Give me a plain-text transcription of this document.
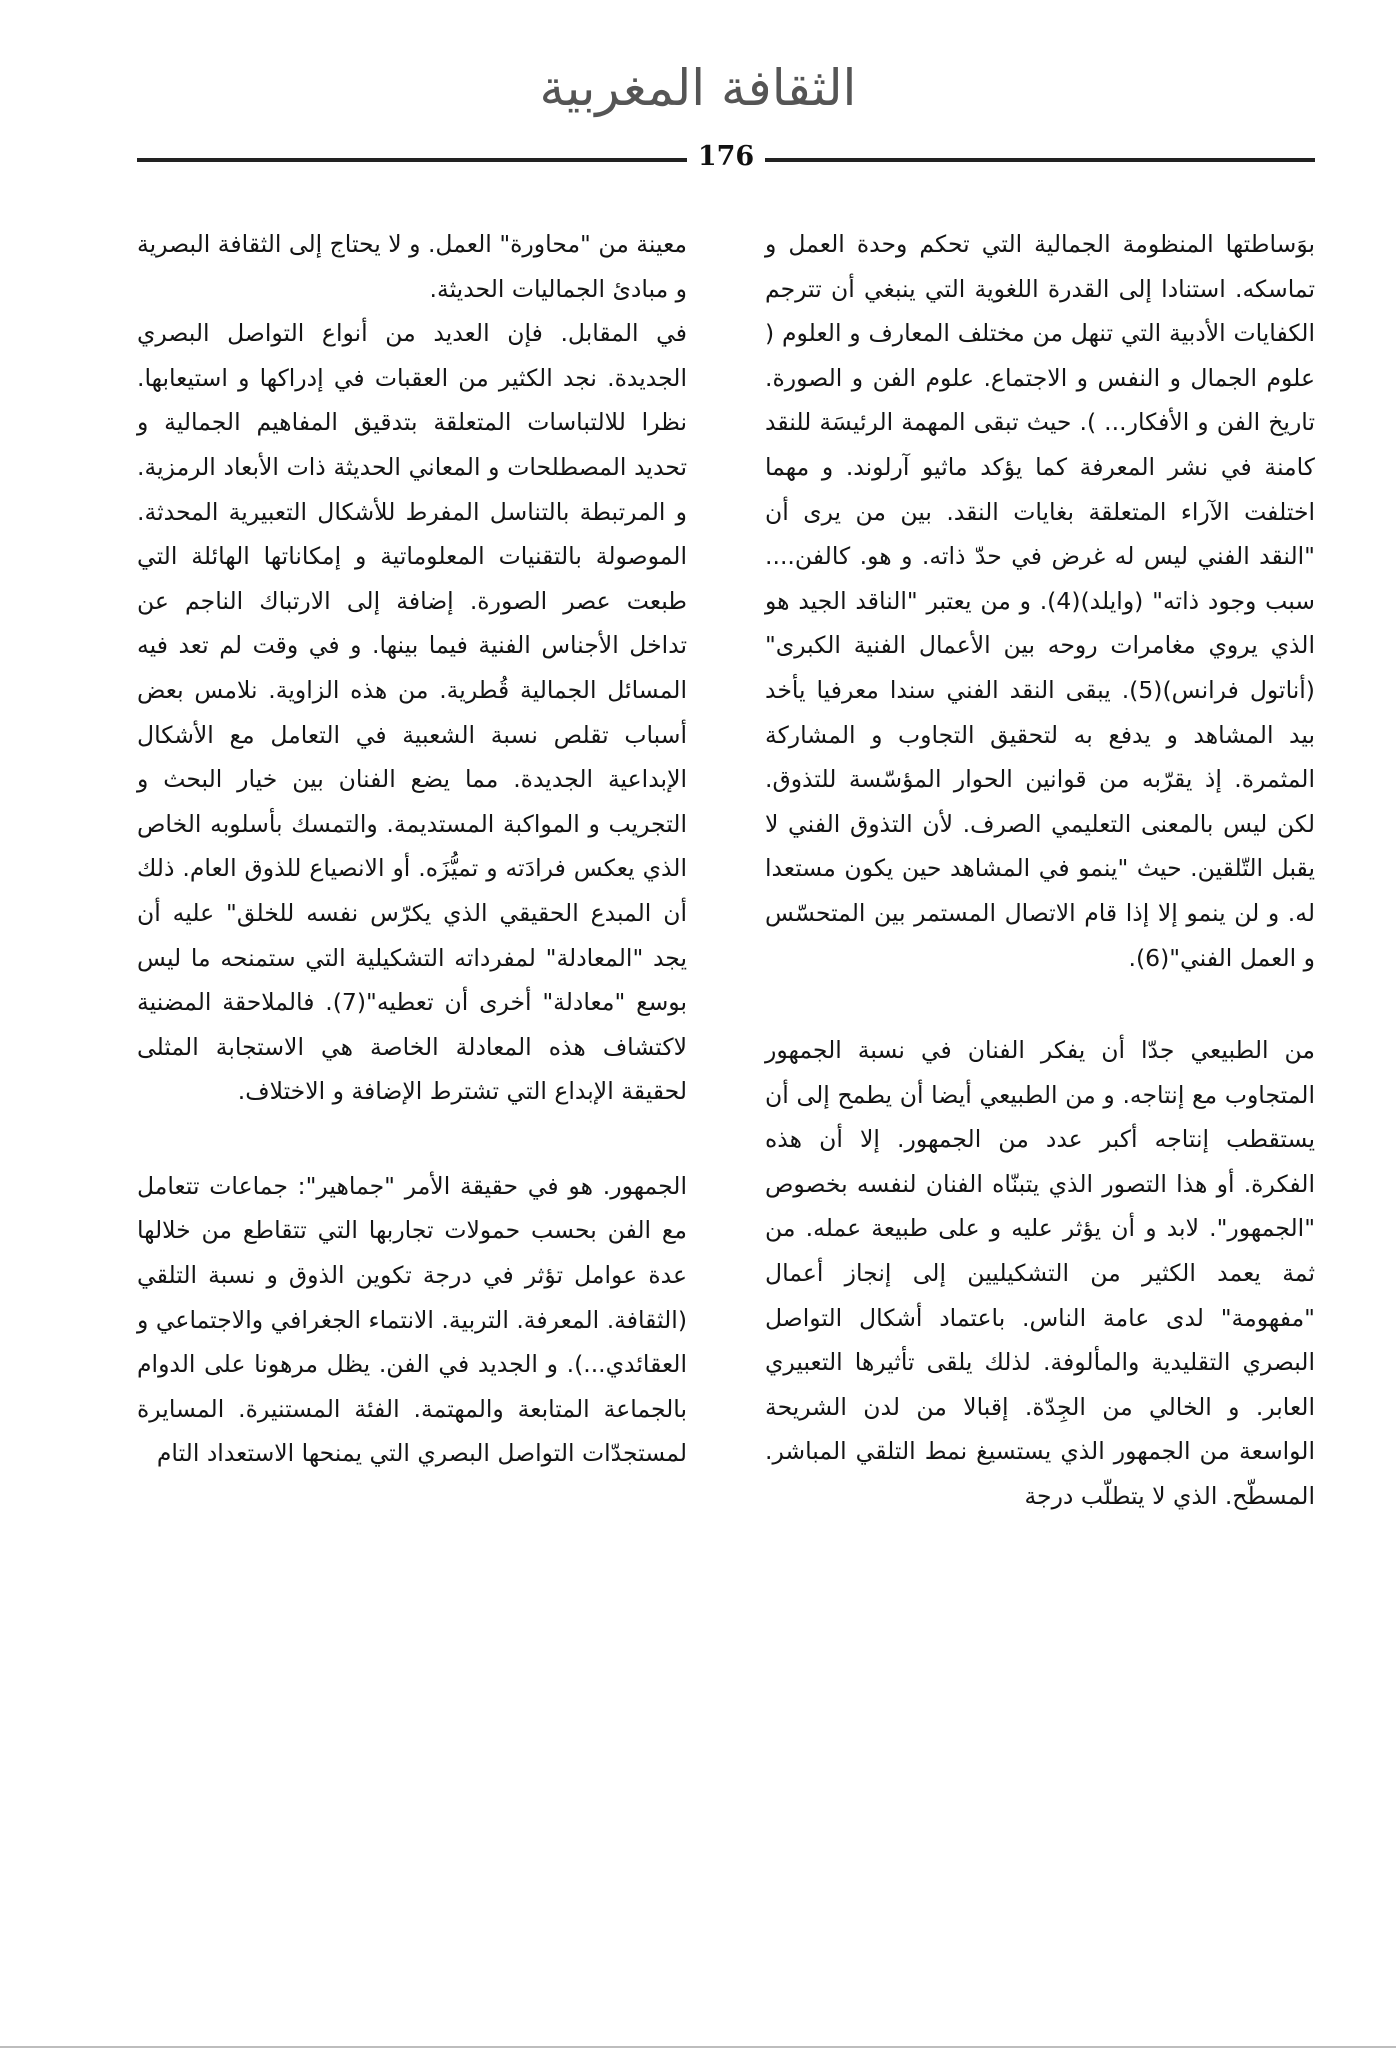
الثقافة المغربية
176

بوَساطتها المنظومة الجمالية التي تحكم وحدة العمل و تماسكه. استنادا إلى القدرة اللغوية التي ينبغي أن تترجم الكفايات الأدبية التي تنهل من مختلف المعارف و العلوم ( علوم الجمال و النفس و الاجتماع. علوم الفن و الصورة. تاريخ الفن و الأفكار... ). حيث تبقى المهمة الرئيسَة للنقد كامنة في نشر المعرفة كما يؤكد ماثيو آرلوند. و مهما اختلفت الآراء المتعلقة بغايات النقد. بين من يرى أن "النقد الفني ليس له غرض في حدّ ذاته. و هو. كالفن.... سبب وجود ذاته" (وايلد)(4). و من يعتبر "الناقد الجيد هو الذي يروي مغامرات روحه بين الأعمال الفنية الكبرى" (أناتول فرانس)(5). يبقى النقد الفني سندا معرفيا يأخد بيد المشاهد و يدفع به لتحقيق التجاوب و المشاركة المثمرة. إذ يقرّبه من قوانين الحوار المؤسّسة للتذوق. لكن ليس بالمعنى التعليمي الصرف. لأن التذوق الفني لا يقبل التّلقين. حيث "ينمو في المشاهد حين يكون مستعدا له. و لن ينمو إلا إذا قام الاتصال المستمر بين المتحسّس و العمل الفني"(6).

من الطبيعي جدّا أن يفكر الفنان في نسبة الجمهور المتجاوب مع إنتاجه. و من الطبيعي أيضا أن يطمح إلى أن يستقطب إنتاجه أكبر عدد من الجمهور. إلا أن هذه الفكرة. أو هذا التصور الذي يتبنّاه الفنان لنفسه بخصوص "الجمهور". لابد و أن يؤثر عليه و على طبيعة عمله. من ثمة يعمد الكثير من التشكيليين إلى إنجاز أعمال "مفهومة" لدى عامة الناس. باعتماد أشكال التواصل البصري التقليدية والمألوفة. لذلك يلقى تأثيرها التعبيري العابر. و الخالي من الجِدّة. إقبالا من لدن الشريحة الواسعة من الجمهور الذي يستسيغ نمط التلقي المباشر. المسطّح. الذي لا يتطلّب درجة

معينة من "محاورة" العمل. و لا يحتاج إلى الثقافة البصرية و مبادئ الجماليات الحديثة.

في المقابل. فإن العديد من أنواع التواصل البصري الجديدة. نجد الكثير من العقبات في إدراكها و استيعابها. نظرا للالتباسات المتعلقة بتدقيق المفاهيم الجمالية و تحديد المصطلحات و المعاني الحديثة ذات الأبعاد الرمزية. و المرتبطة بالتناسل المفرط للأشكال التعبيرية المحدثة. الموصولة بالتقنيات المعلوماتية و إمكاناتها الهائلة التي طبعت عصر الصورة. إضافة إلى الارتباك الناجم عن تداخل الأجناس الفنية فيما بينها. و في وقت لم تعد فيه المسائل الجمالية قُطرية. من هذه الزاوية. نلامس بعض أسباب تقلص نسبة الشعبية في التعامل مع الأشكال الإبداعية الجديدة. مما يضع الفنان بين خيار البحث و التجريب و المواكبة المستديمة. والتمسك بأسلوبه الخاص الذي يعكس فرادَته و تميُّزَه. أو الانصياع للذوق العام. ذلك أن المبدع الحقيقي الذي يكرّس نفسه للخلق" عليه أن يجد "المعادلة" لمفرداته التشكيلية التي ستمنحه ما ليس بوسع "معادلة" أخرى أن تعطيه"(7). فالملاحقة المضنية لاكتشاف هذه المعادلة الخاصة هي الاستجابة المثلى لحقيقة الإبداع التي تشترط الإضافة و الاختلاف.

الجمهور. هو في حقيقة الأمر "جماهير": جماعات تتعامل مع الفن بحسب حمولات تجاربها التي تتقاطع من خلالها عدة عوامل تؤثر في درجة تكوين الذوق و نسبة التلقي (الثقافة. المعرفة. التربية. الانتماء الجغرافي والاجتماعي و العقائدي...). و الجديد في الفن. يظل مرهونا على الدوام بالجماعة المتابعة والمهتمة. الفئة المستنيرة. المسايرة لمستجدّات التواصل البصري التي يمنحها الاستعداد التام
